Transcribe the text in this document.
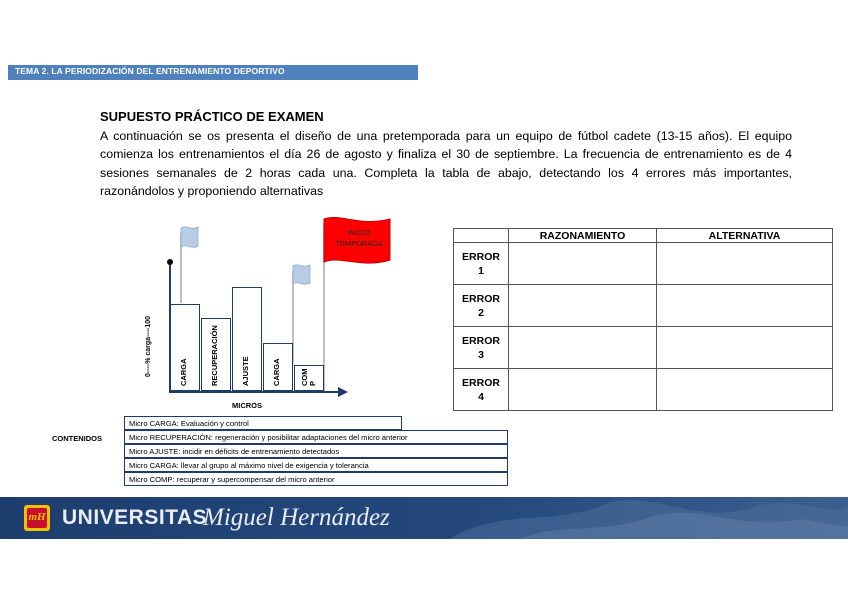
TEMA 2. LA PERIODIZACIÓN DEL ENTRENAMIENTO DEPORTIVO
SUPUESTO PRÁCTICO DE EXAMEN
A continuación se os presenta el diseño de una pretemporada para un equipo de fútbol cadete (13-15 años). El equipo comienza los entrenamientos el día 26 de agosto y finaliza el 30 de septiembre. La frecuencia de entrenamiento es de 4 sesiones semanales de 2 horas cada una. Completa la tabla de abajo, detectando los 4 errores más importantes, razonándolos y proponiendo alternativas
0----% carga----100
MICROS
INICIO TEMPORADA
CARGA	RECUPERACIÓN	AJUSTE	CARGA	COM P
	RAZONAMIENTO	ALTERNATIVA
ERROR
1		
ERROR
2		
ERROR
3		
ERROR
4		
CONTENIDOS
Micro CARGA: Evaluación y control
Micro RECUPERACIÓN: regeneración y posibilitar adaptaciones del micro anterior
Micro AJUSTE: incidir en déficits de entrenamiento detectados
Micro CARGA: llevar al grupo al máximo nivel de exigencia y tolerancia
Micro COMP: recuperar y supercompensar del micro anterior
mH UNIVERSITAS
Miguel Hernández
